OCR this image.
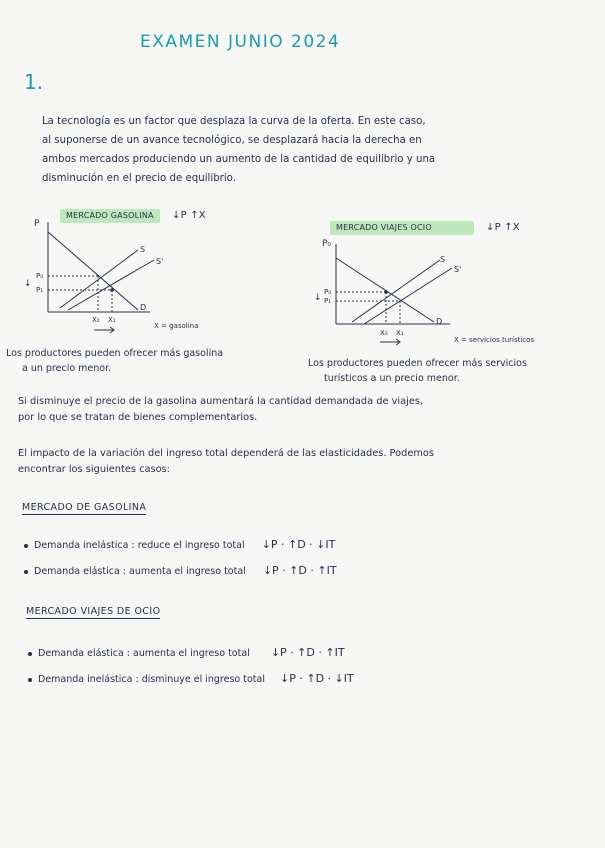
EXAMEN JUNIO 2024
1.
La tecnología es un factor que desplaza la curva de la oferta. En este caso,
al suponerse de un avance tecnológico, se desplazará hacia la derecha en
ambos mercados produciendo un aumento de la cantidad de equilibrio y una
disminución en el precio de equilibrio.
MERCADO GASOLINA ↓P ↑X
P
P₀
P₁
X₀ X₁
S
S'
D
X = gasolina
↓
Los productores pueden ofrecer más gasolina
a un precio menor.
MERCADO VIAJES OCIO	↓P ↑X
P₀
P₀
P₁
X₀ X₁
S
S'
D
X = servicios turísticos
↓
Los productores pueden ofrecer más servicios
turísticos a un precio menor.
Si disminuye el precio de la gasolina aumentará la cantidad demandada de viajes,
por lo que se tratan de bienes complementarios.
El impacto de la variación del ingreso total dependerá de las elasticidades. Podemos
encontrar los siguientes casos:
MERCADO DE GASOLINA
Demanda inelástica : reduce el ingreso total ↓P · ↑D · ↓IT
Demanda elástica : aumenta el ingreso total ↓P · ↑D · ↑IT
MERCADO VIAJES DE OCIO
Demanda elástica : aumenta el ingreso total ↓P · ↑D · ↑IT
Demanda inelástica : disminuye el ingreso total ↓P · ↑D · ↓IT
